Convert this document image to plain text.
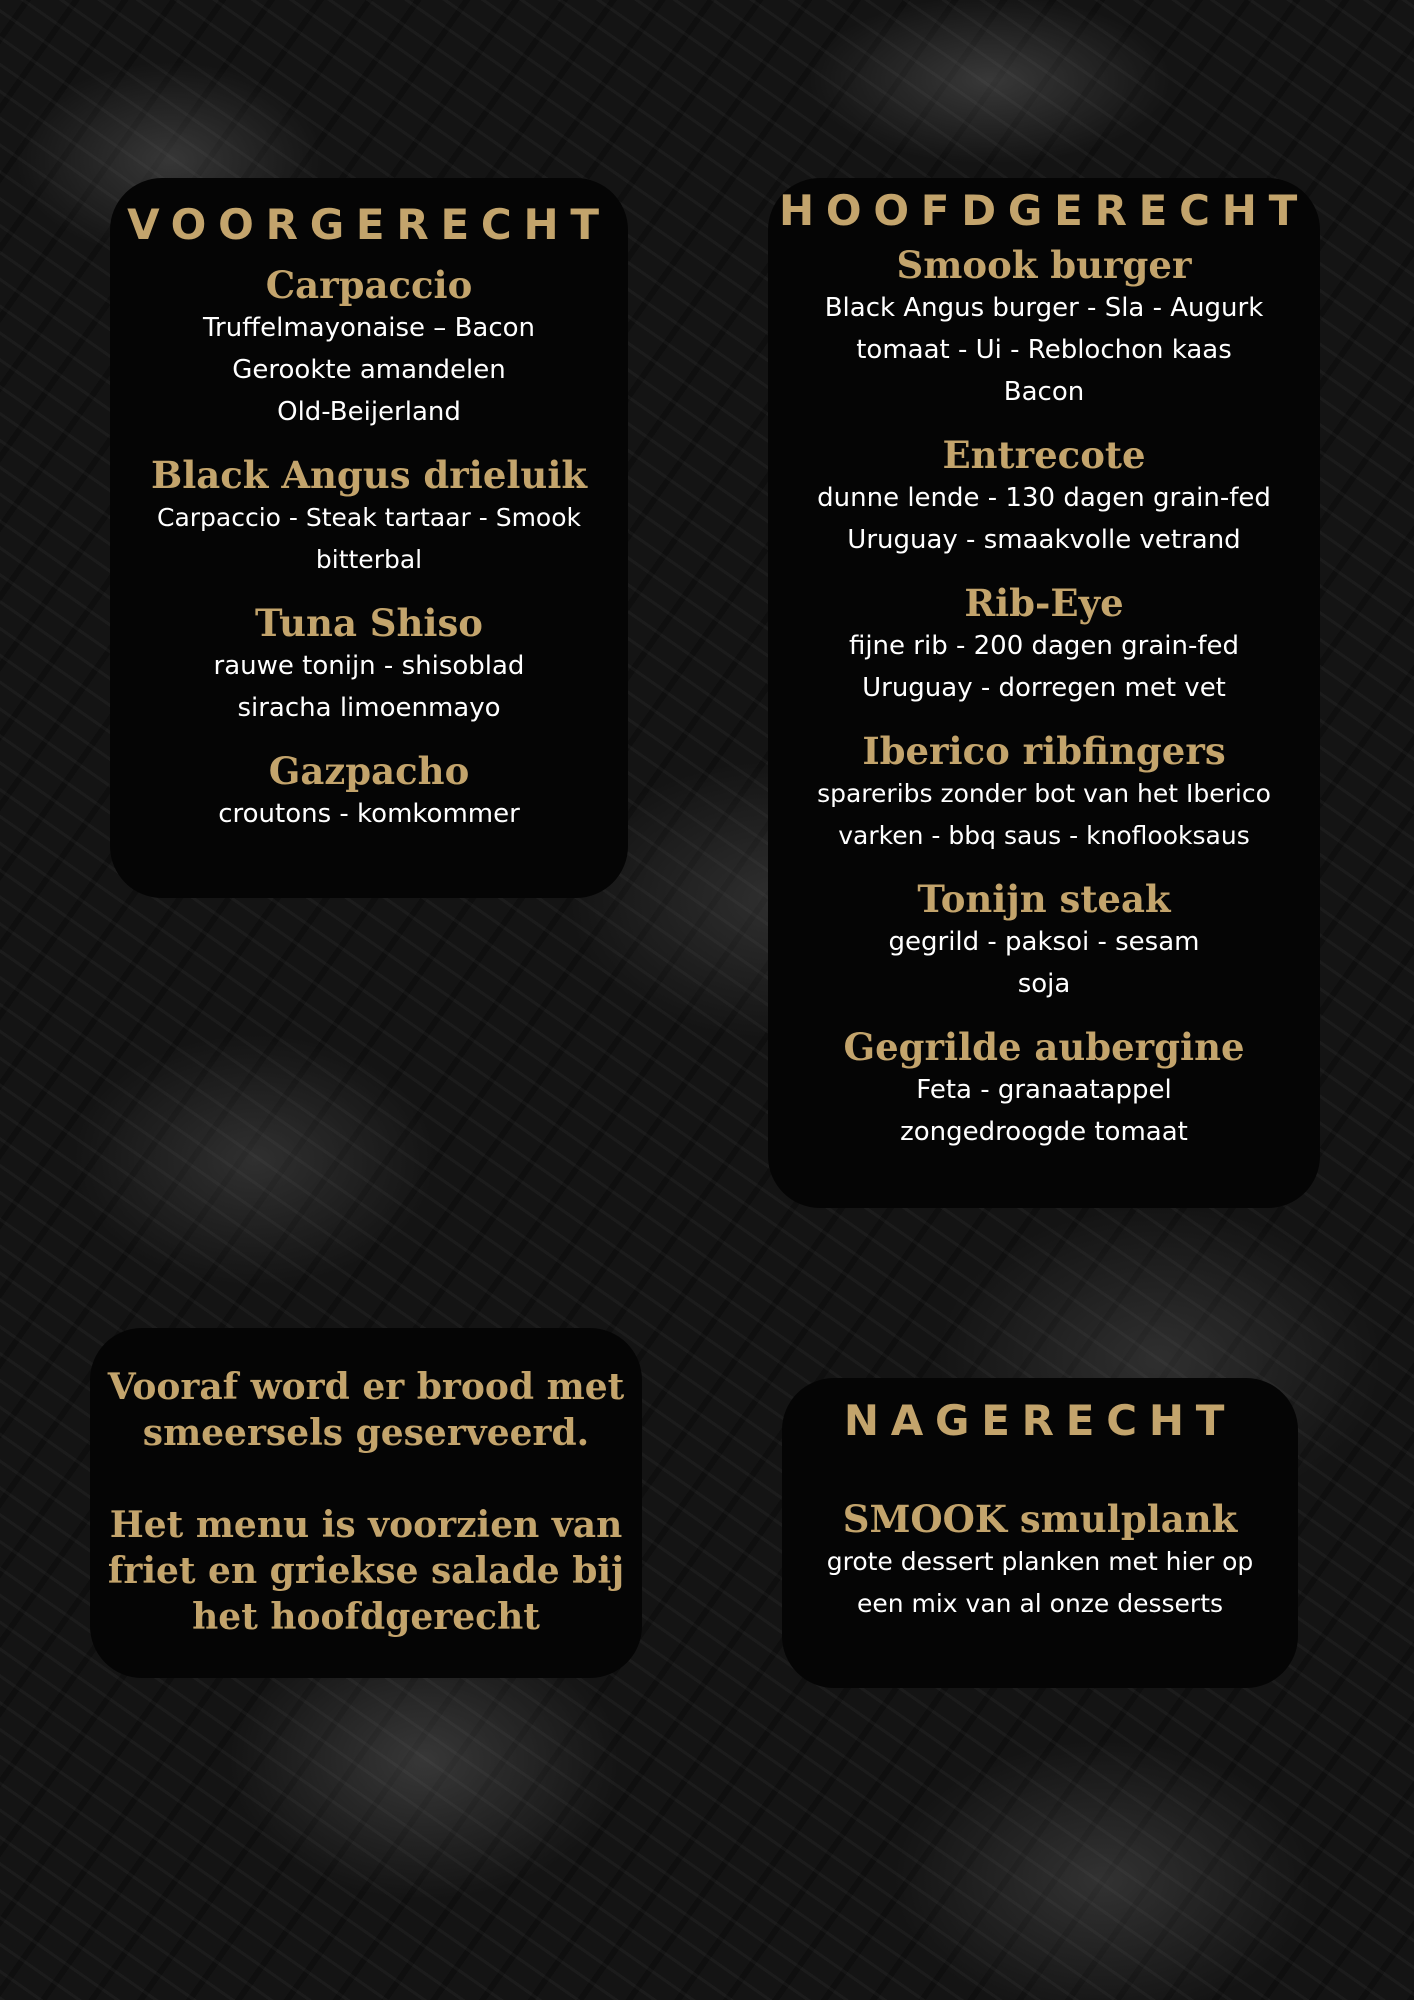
VOORGERECHT

Carpaccio

Truffelmayonaise – Bacon
Gerookte amandelen
Old-Beijerland

Black Angus drieluik

Carpaccio - Steak tartaar - Smook
bitterbal

Tuna Shiso

rauwe tonijn - shisoblad
siracha limoenmayo

Gazpacho

croutons - komkommer

HOOFDGERECHT

Smook burger

Black Angus burger - Sla - Augurk
tomaat - Ui - Reblochon kaas
Bacon

Entrecote

dunne lende - 130 dagen grain-fed
Uruguay - smaakvolle vetrand

Rib-Eye

fijne rib - 200 dagen grain-fed
Uruguay - dorregen met vet

Iberico ribfingers

spareribs zonder bot van het Iberico
varken - bbq saus - knoflooksaus

Tonijn steak

gegrild - paksoi - sesam
soja

Gegrilde aubergine

Feta - granaatappel
zongedroogde tomaat

Vooraf word er brood met
smeersels geserveerd.

Het menu is voorzien van
friet en griekse salade bij
het hoofdgerecht

NAGERECHT

SMOOK smulplank

grote dessert planken met hier op
een mix van al onze desserts
